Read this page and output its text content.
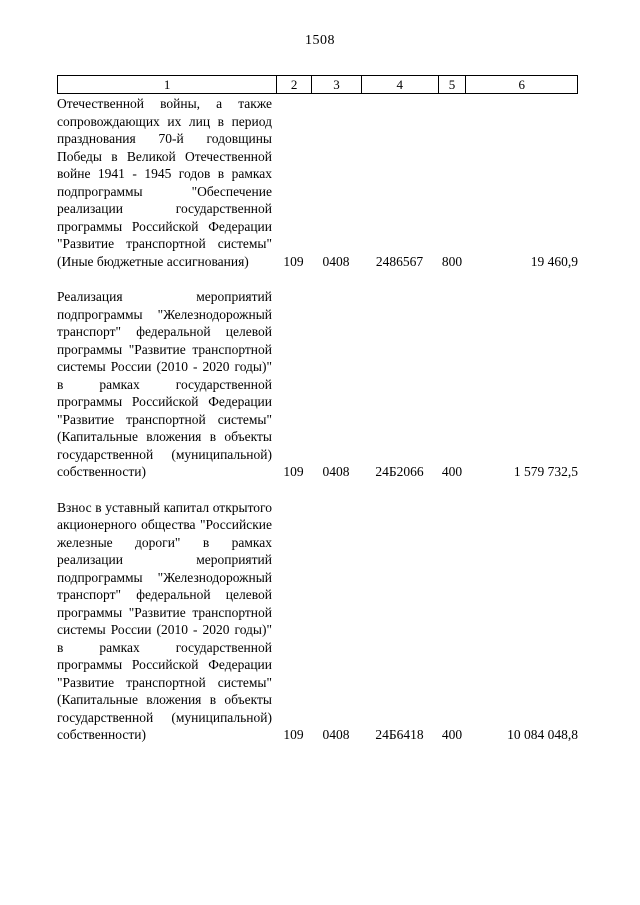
1508
1	2	3	4	5	6
Отечественной войны, а также сопровождающих их лиц в период празднования 70-й годовщины Победы в Великой Отечественной войне 1941 - 1945 годов в рамках подпрограммы "Обеспечение реализации государственной программы Российской Федерации "Развитие транспортной системы" (Иные бюджетные ассигнования)	109	0408	2486567	800	19 460,9
Реализация мероприятий подпрограммы "Железнодорожный транспорт" федеральной целевой программы "Развитие транспортной системы России (2010 - 2020 годы)" в рамках государственной программы Российской Федерации "Развитие транспортной системы" (Капитальные вложения в объекты государственной (муниципальной) собственности)	109	0408	24Б2066	400	1 579 732,5
Взнос в уставный капитал открытого акционерного общества "Российские железные дороги" в рамках реализации мероприятий подпрограммы "Железнодорожный транспорт" федеральной целевой программы "Развитие транспортной системы России (2010 - 2020 годы)" в рамках государственной программы Российской Федерации "Развитие транспортной системы" (Капитальные вложения в объекты государственной (муниципальной) собственности)	109	0408	24Б6418	400	10 084 048,8
